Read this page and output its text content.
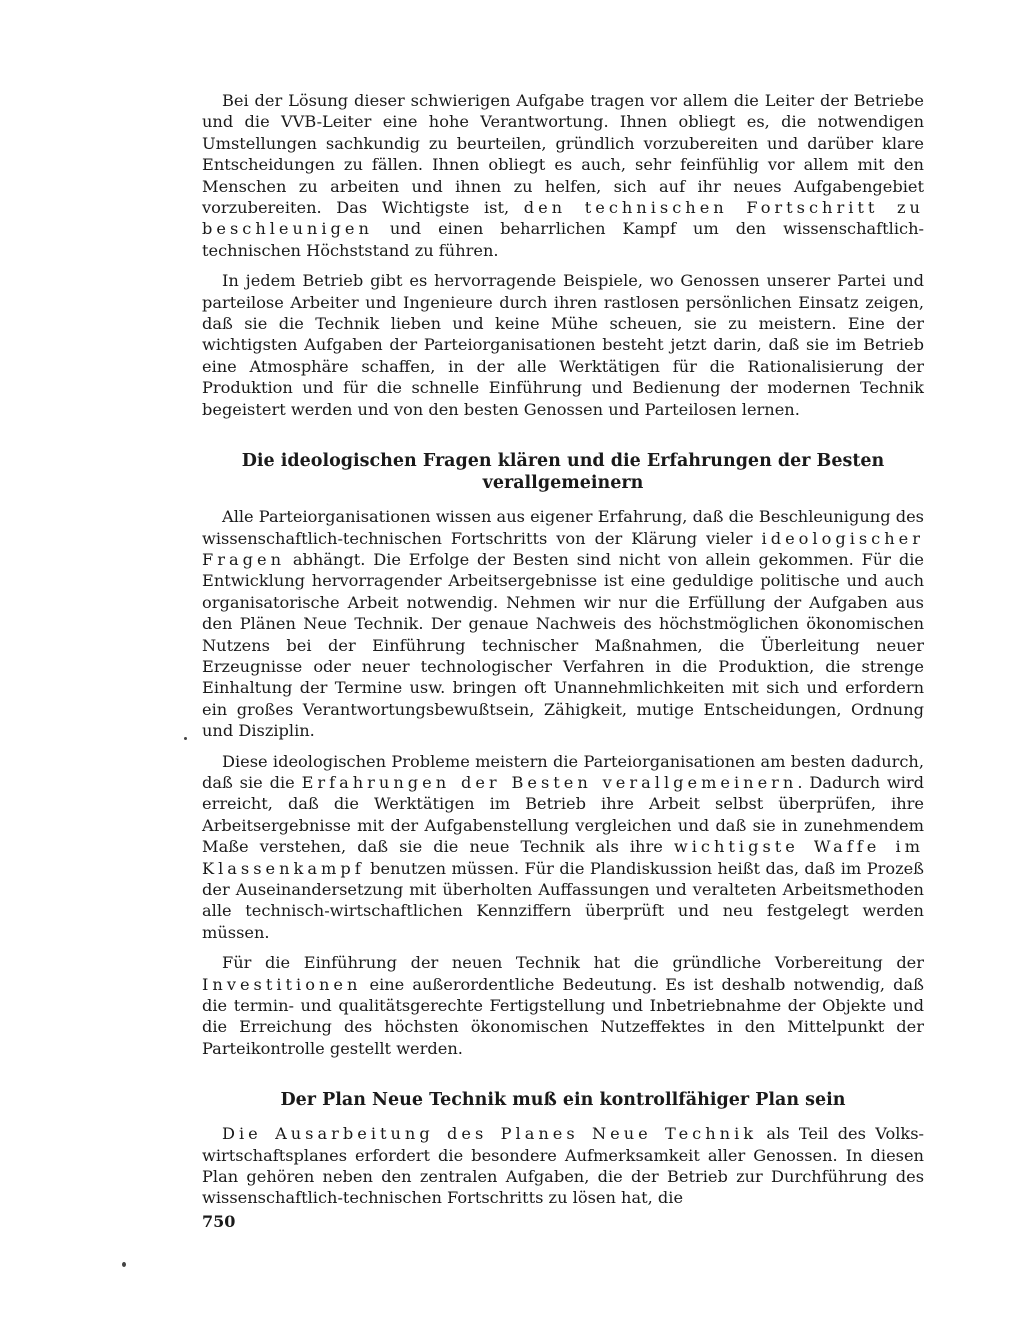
Bei der Lösung dieser schwierigen Aufgabe tragen vor allem die Leiter der Betriebe und die VVB-Leiter eine hohe Verantwortung. Ihnen obliegt es, die notwendigen Umstellungen sachkundig zu beurteilen, gründlich vorzubereiten und darüber klare Entscheidungen zu fällen. Ihnen obliegt es auch, sehr feinfühlig vor allem mit den Menschen zu arbeiten und ihnen zu helfen, sich auf ihr neues Aufgabengebiet vorzubereiten. Das Wichtigste ist, den technischen Fortschritt zu beschleunigen und einen beharrlichen Kampf um den wissenschaftlich-technischen Höchststand zu führen.

In jedem Betrieb gibt es hervorragende Beispiele, wo Genossen unserer Partei und parteilose Arbeiter und Ingenieure durch ihren rastlosen persönlichen Einsatz zeigen, daß sie die Technik lieben und keine Mühe scheuen, sie zu meistern. Eine der wichtigsten Aufgaben der Parteiorganisationen besteht jetzt darin, daß sie im Betrieb eine Atmosphäre schaffen, in der alle Werktätigen für die Rationalisierung der Produktion und für die schnelle Einführung und Bedienung der modernen Technik begeistert werden und von den besten Genossen und Parteilosen lernen.

Die ideologischen Fragen klären und die Erfahrungen der Besten verallgemeinern

Alle Parteiorganisationen wissen aus eigener Erfahrung, daß die Beschleunigung des wissenschaftlich-technischen Fortschritts von der Klärung vieler ideologischer Fragen abhängt. Die Erfolge der Besten sind nicht von allein gekommen. Für die Entwicklung hervorragender Arbeitsergebnisse ist eine geduldige politische und auch organisatorische Arbeit notwendig. Nehmen wir nur die Erfüllung der Aufgaben aus den Plänen Neue Technik. Der genaue Nachweis des höchstmöglichen ökonomischen Nutzens bei der Einführung technischer Maßnahmen, die Überleitung neuer Erzeugnisse oder neuer technologischer Verfahren in die Produktion, die strenge Einhaltung der Termine usw. bringen oft Unannehmlichkeiten mit sich und erfordern ein großes Verantwortungsbewußtsein, Zähigkeit, mutige Entscheidungen, Ordnung und Disziplin.

Diese ideologischen Probleme meistern die Parteiorganisationen am besten dadurch, daß sie die Erfahrungen der Besten verallgemeinern. Dadurch wird erreicht, daß die Werktätigen im Betrieb ihre Arbeit selbst überprüfen, ihre Arbeitsergebnisse mit der Aufgabenstellung vergleichen und daß sie in zunehmendem Maße verstehen, daß sie die neue Technik als ihre wichtigste Waffe im Klassenkampf benutzen müssen. Für die Plandiskussion heißt das, daß im Prozeß der Auseinandersetzung mit überholten Auffassungen und veralteten Arbeitsmethoden alle technisch-wirtschaftlichen Kennziffern überprüft und neu festgelegt werden müssen.

Für die Einführung der neuen Technik hat die gründliche Vorbereitung der Investitionen eine außerordentliche Bedeutung. Es ist deshalb notwendig, daß die termin- und qualitätsgerechte Fertigstellung und Inbetriebnahme der Objekte und die Erreichung des höchsten ökonomischen Nutzeffektes in den Mittelpunkt der Parteikontrolle gestellt werden.

Der Plan Neue Technik muß ein kontrollfähiger Plan sein

Die Ausarbeitung des Planes Neue Technik als Teil des Volkswirtschaftsplanes erfordert die besondere Aufmerksamkeit aller Genossen. In diesen Plan gehören neben den zentralen Aufgaben, die der Betrieb zur Durchführung des wissenschaftlich-technischen Fortschritts zu lösen hat, die

750
